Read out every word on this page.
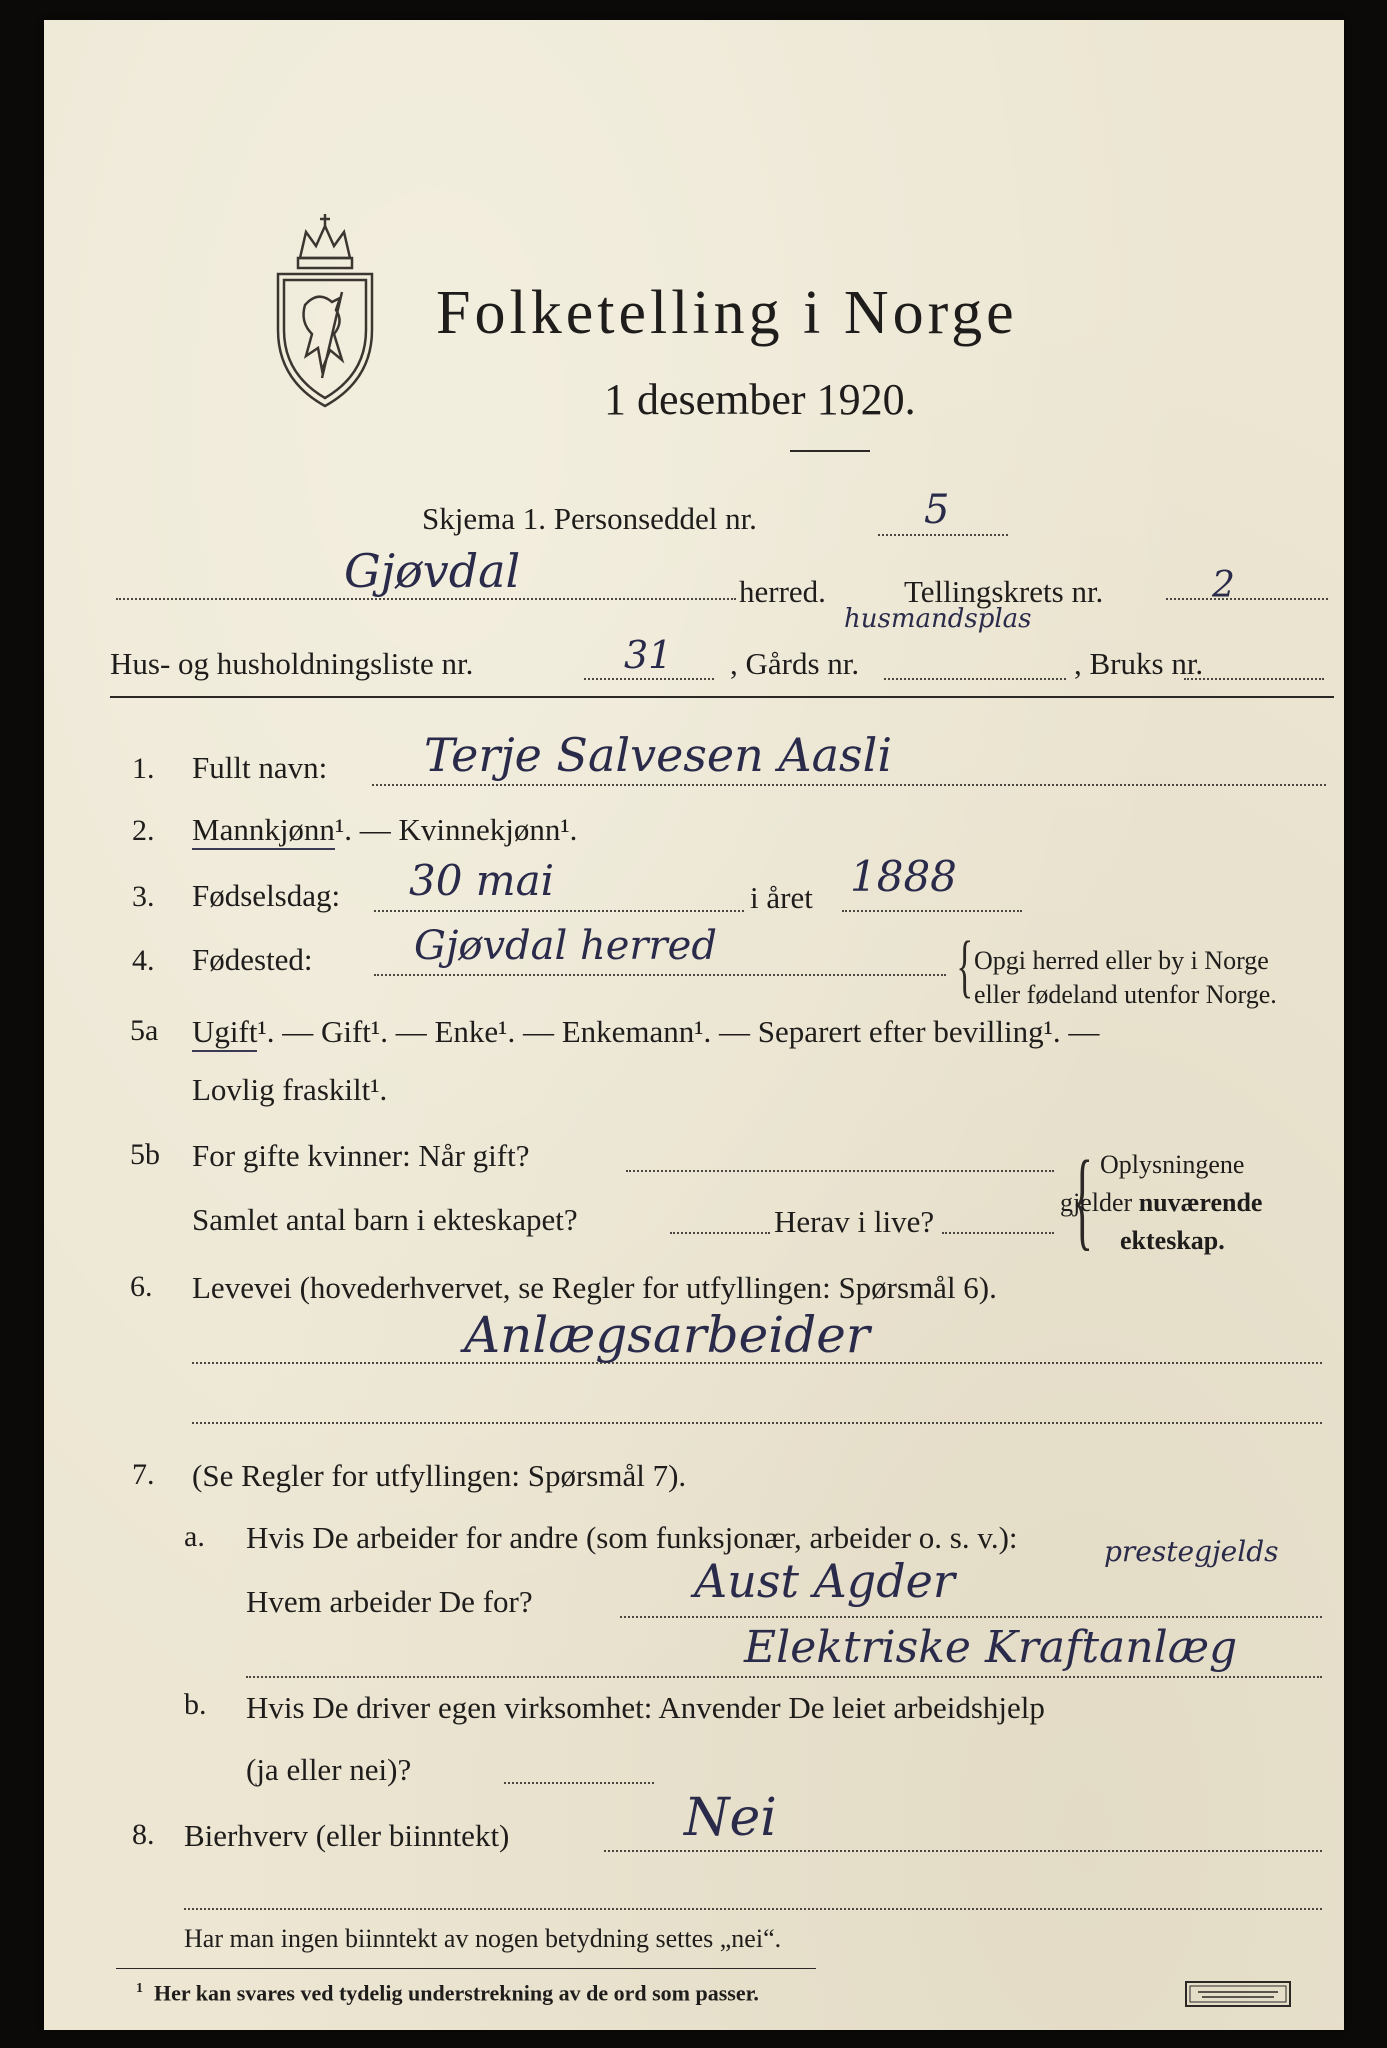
Folketelling i Norge
1 desember 1920.
Skjema 1. Personseddel nr.	5
Gjøvdal	herred.	Tellingskrets nr.	2
husmandsplas
Hus- og husholdningsliste nr.	31 , Gårds nr.	, Bruks nr.
1. Fullt navn: Terje Salvesen Aasli
2. Mannkjønn¹. — Kvinnekjønn¹.
3. Fødselsdag: 30 mai	i året 1888
4. Fødested:	Gjøvdal herred	{ Opgi herred eller by i Norge
eller fødeland utenfor Norge.
5a Ugift¹. — Gift¹. — Enke¹. — Enkemann¹. — Separert efter bevilling¹. —
Lovlig fraskilt¹.
5b For gifte kvinner: Når gift?
Samlet antal barn i ekteskapet?	Herav i live? { Oplysningene
gjelder nuværende
ekteskap.
6. Levevei (hovederhvervet, se Regler for utfyllingen: Spørsmål 6).
Anlægsarbeider
7. (Se Regler for utfyllingen: Spørsmål 7).
a. Hvis De arbeider for andre (som funksjonær, arbeider o. s. v.):
Hvem arbeider De for?	Aust Agder
prestegjelds
Elektriske Kraftanlæg
b. Hvis De driver egen virksomhet: Anvender De leiet arbeidshjelp
(ja eller nei)?
8. Bierhverv (eller biinntekt)	Nei
Har man ingen biinntekt av nogen betydning settes „nei“.
$^1$ Her kan svares ved tydelig understrekning av de ord som passer.
